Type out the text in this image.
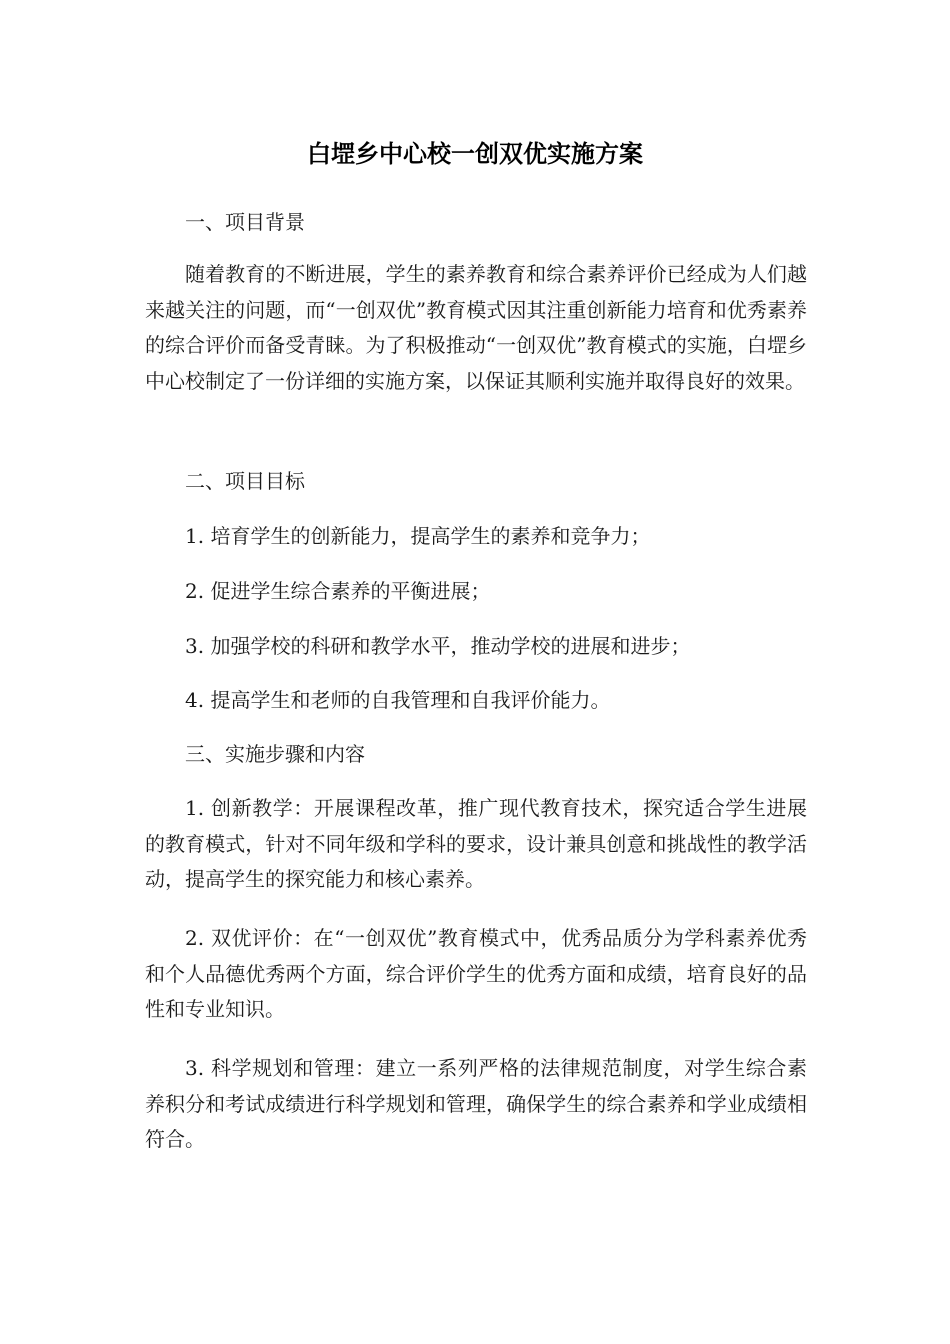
白堽乡中心校一创双优实施方案

一、项目背景

随着教育的不断进展，学生的素养教育和综合素养评价已经成为人们越来越关注的问题，而“一创双优”教育模式因其注重创新能力培育和优秀素养的综合评价而备受青睐。为了积极推动“一创双优”教育模式的实施，白堽乡中心校制定了一份详细的实施方案，以保证其顺利实施并取得良好的效果。

二、项目目标

1. 培育学生的创新能力，提高学生的素养和竞争力；

2. 促进学生综合素养的平衡进展；

3. 加强学校的科研和教学水平，推动学校的进展和进步；

4. 提高学生和老师的自我管理和自我评价能力。

三、实施步骤和内容

1. 创新教学：开展课程改革，推广现代教育技术，探究适合学生进展的教育模式，针对不同年级和学科的要求，设计兼具创意和挑战性的教学活动，提高学生的探究能力和核心素养。

2. 双优评价：在“一创双优”教育模式中，优秀品质分为学科素养优秀和个人品德优秀两个方面，综合评价学生的优秀方面和成绩，培育良好的品性和专业知识。

3. 科学规划和管理：建立一系列严格的法律规范制度，对学生综合素养积分和考试成绩进行科学规划和管理，确保学生的综合素养和学业成绩相符合。
